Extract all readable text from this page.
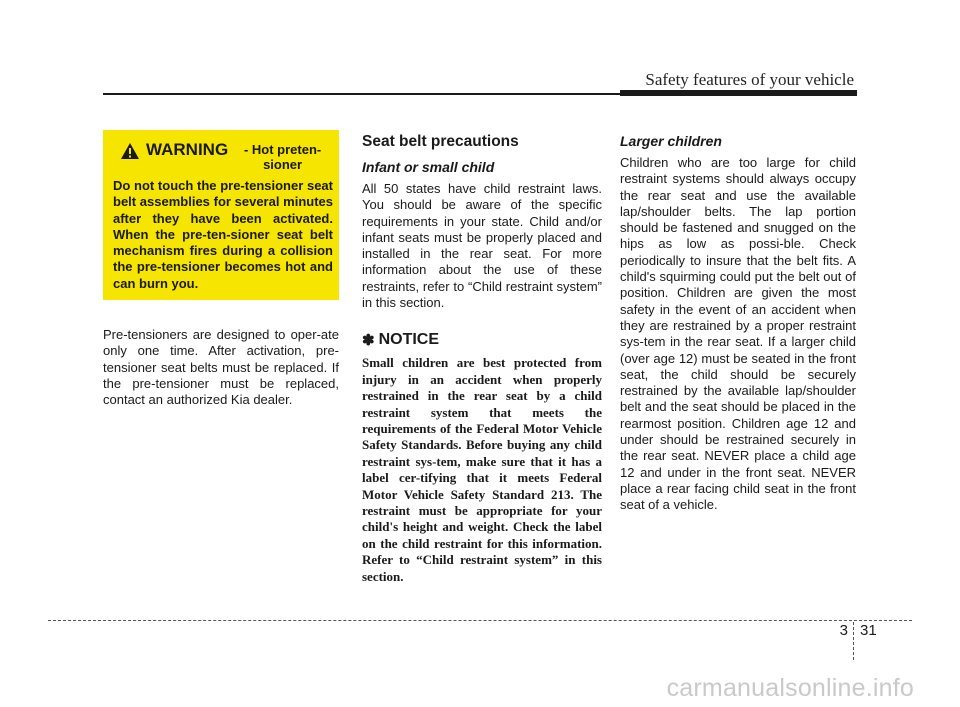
Safety features of your vehicle
WARNING	- Hot preten-sioner
Do not touch the pre-tensioner seat belt assemblies for several minutes after they have been activated. When the pre-ten-sioner seat belt mechanism fires during a collision the pre-tensioner becomes hot and can burn you.

Pre-tensioners are designed to oper-ate only one time. After activation, pre-tensioner seat belts must be replaced. If the pre-tensioner must be replaced, contact an authorized Kia dealer.

Seat belt precautions
Infant or small child

All 50 states have child restraint laws. You should be aware of the specific requirements in your state. Child and/or infant seats must be properly placed and installed in the rear seat. For more information about the use of these restraints, refer to “Child restraint system” in this section.

✽ NOTICE

Small children are best protected from injury in an accident when properly restrained in the rear seat by a child restraint system that meets the requirements of the Federal Motor Vehicle Safety Standards. Before buying any child restraint sys-tem, make sure that it has a label cer-tifying that it meets Federal Motor Vehicle Safety Standard 213. The restraint must be appropriate for your child's height and weight. Check the label on the child restraint for this information. Refer to “Child restraint system” in this section.

Larger children

Children who are too large for child restraint systems should always occupy the rear seat and use the available lap/shoulder belts. The lap portion should be fastened and snugged on the hips as low as possi-ble. Check periodically to insure that the belt fits. A child's squirming could put the belt out of position. Children are given the most safety in the event of an accident when they are restrained by a proper restraint sys-tem in the rear seat. If a larger child (over age 12) must be seated in the front seat, the child should be securely restrained by the available lap/shoulder belt and the seat should be placed in the rearmost position. Children age 12 and under should be restrained securely in the rear seat. NEVER place a child age 12 and under in the front seat. NEVER place a rear facing child seat in the front seat of a vehicle.

3 31
carmanualsonline.info
